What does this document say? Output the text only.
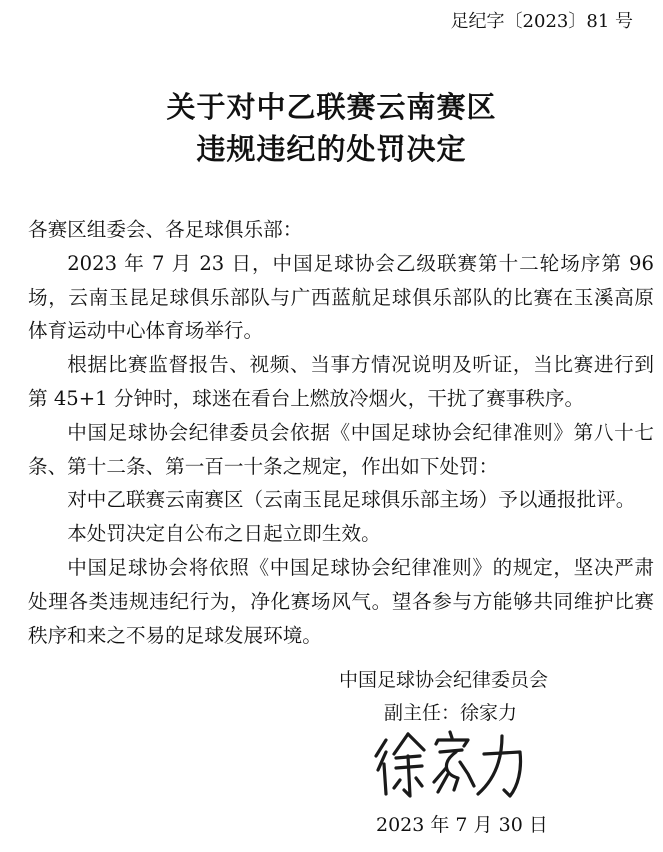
足纪字〔2023〕81 号
关于对中乙联赛云南赛区
违规违纪的处罚决定

各赛区组委会、各足球俱乐部：

2023 年 7 月 23 日，中国足球协会乙级联赛第十二轮场序第 96 场，云南玉昆足球俱乐部队与广西蓝航足球俱乐部队的比赛在玉溪高原体育运动中心体育场举行。

根据比赛监督报告、视频、当事方情况说明及听证，当比赛进行到第 45+1 分钟时，球迷在看台上燃放冷烟火，干扰了赛事秩序。

中国足球协会纪律委员会依据《中国足球协会纪律准则》第八十七条、第十二条、第一百一十条之规定，作出如下处罚：

对中乙联赛云南赛区（云南玉昆足球俱乐部主场）予以通报批评。

本处罚决定自公布之日起立即生效。

中国足球协会将依照《中国足球协会纪律准则》的规定，坚决严肃处理各类违规违纪行为，净化赛场风气。望各参与方能够共同维护比赛秩序和来之不易的足球发展环境。

中国足球协会纪律委员会
副主任：徐家力
2023 年 7 月 30 日
